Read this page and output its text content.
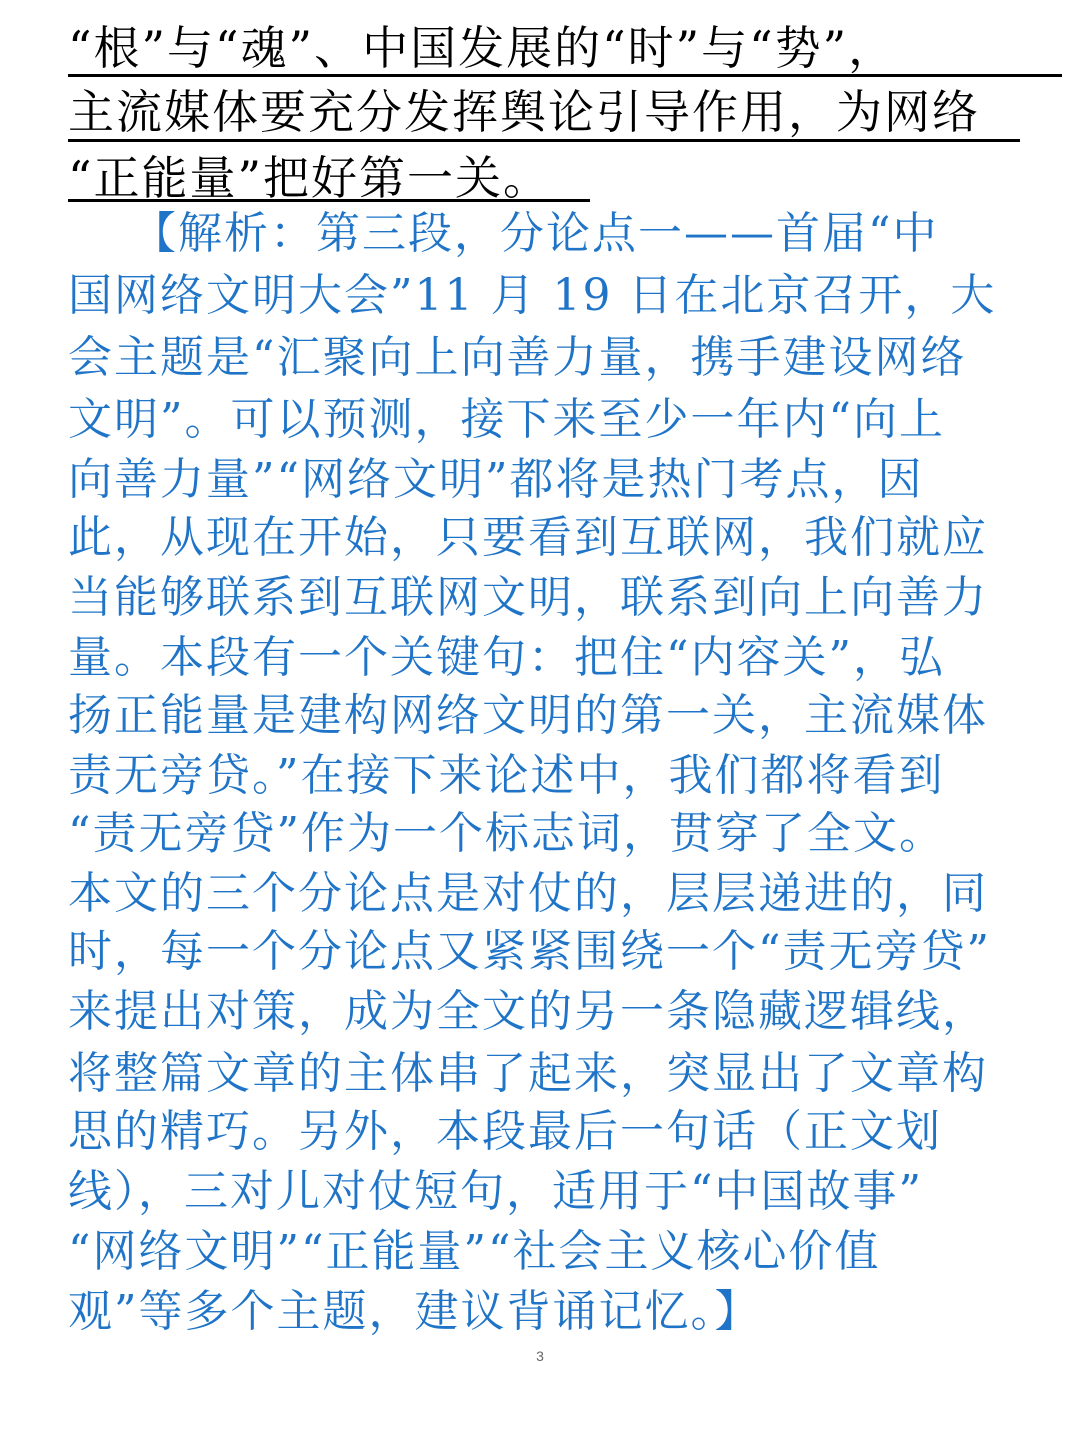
“根”与“魂”、中国发展的“时”与“势”，
主流媒体要充分发挥舆论引导作用，为网络
“正能量”把好第一关。
【解析：第三段，分论点一——首届“中
国网络文明大会”11 月 19 日在北京召开，大
会主题是“汇聚向上向善力量，携手建设网络
文明”。可以预测，接下来至少一年内“向上
向善力量”“网络文明”都将是热门考点，因
此，从现在开始，只要看到互联网，我们就应
当能够联系到互联网文明，联系到向上向善力
量。本段有一个关键句：把住“内容关”，弘
扬正能量是建构网络文明的第一关，主流媒体
责无旁贷。”在接下来论述中，我们都将看到
“责无旁贷”作为一个标志词，贯穿了全文。
本文的三个分论点是对仗的，层层递进的，同
时，每一个分论点又紧紧围绕一个“责无旁贷”
来提出对策，成为全文的另一条隐藏逻辑线，
将整篇文章的主体串了起来，突显出了文章构
思的精巧。另外，本段最后一句话（正文划
线），三对儿对仗短句，适用于“中国故事”
“网络文明”“正能量”“社会主义核心价值
观”等多个主题，建议背诵记忆。】
3
